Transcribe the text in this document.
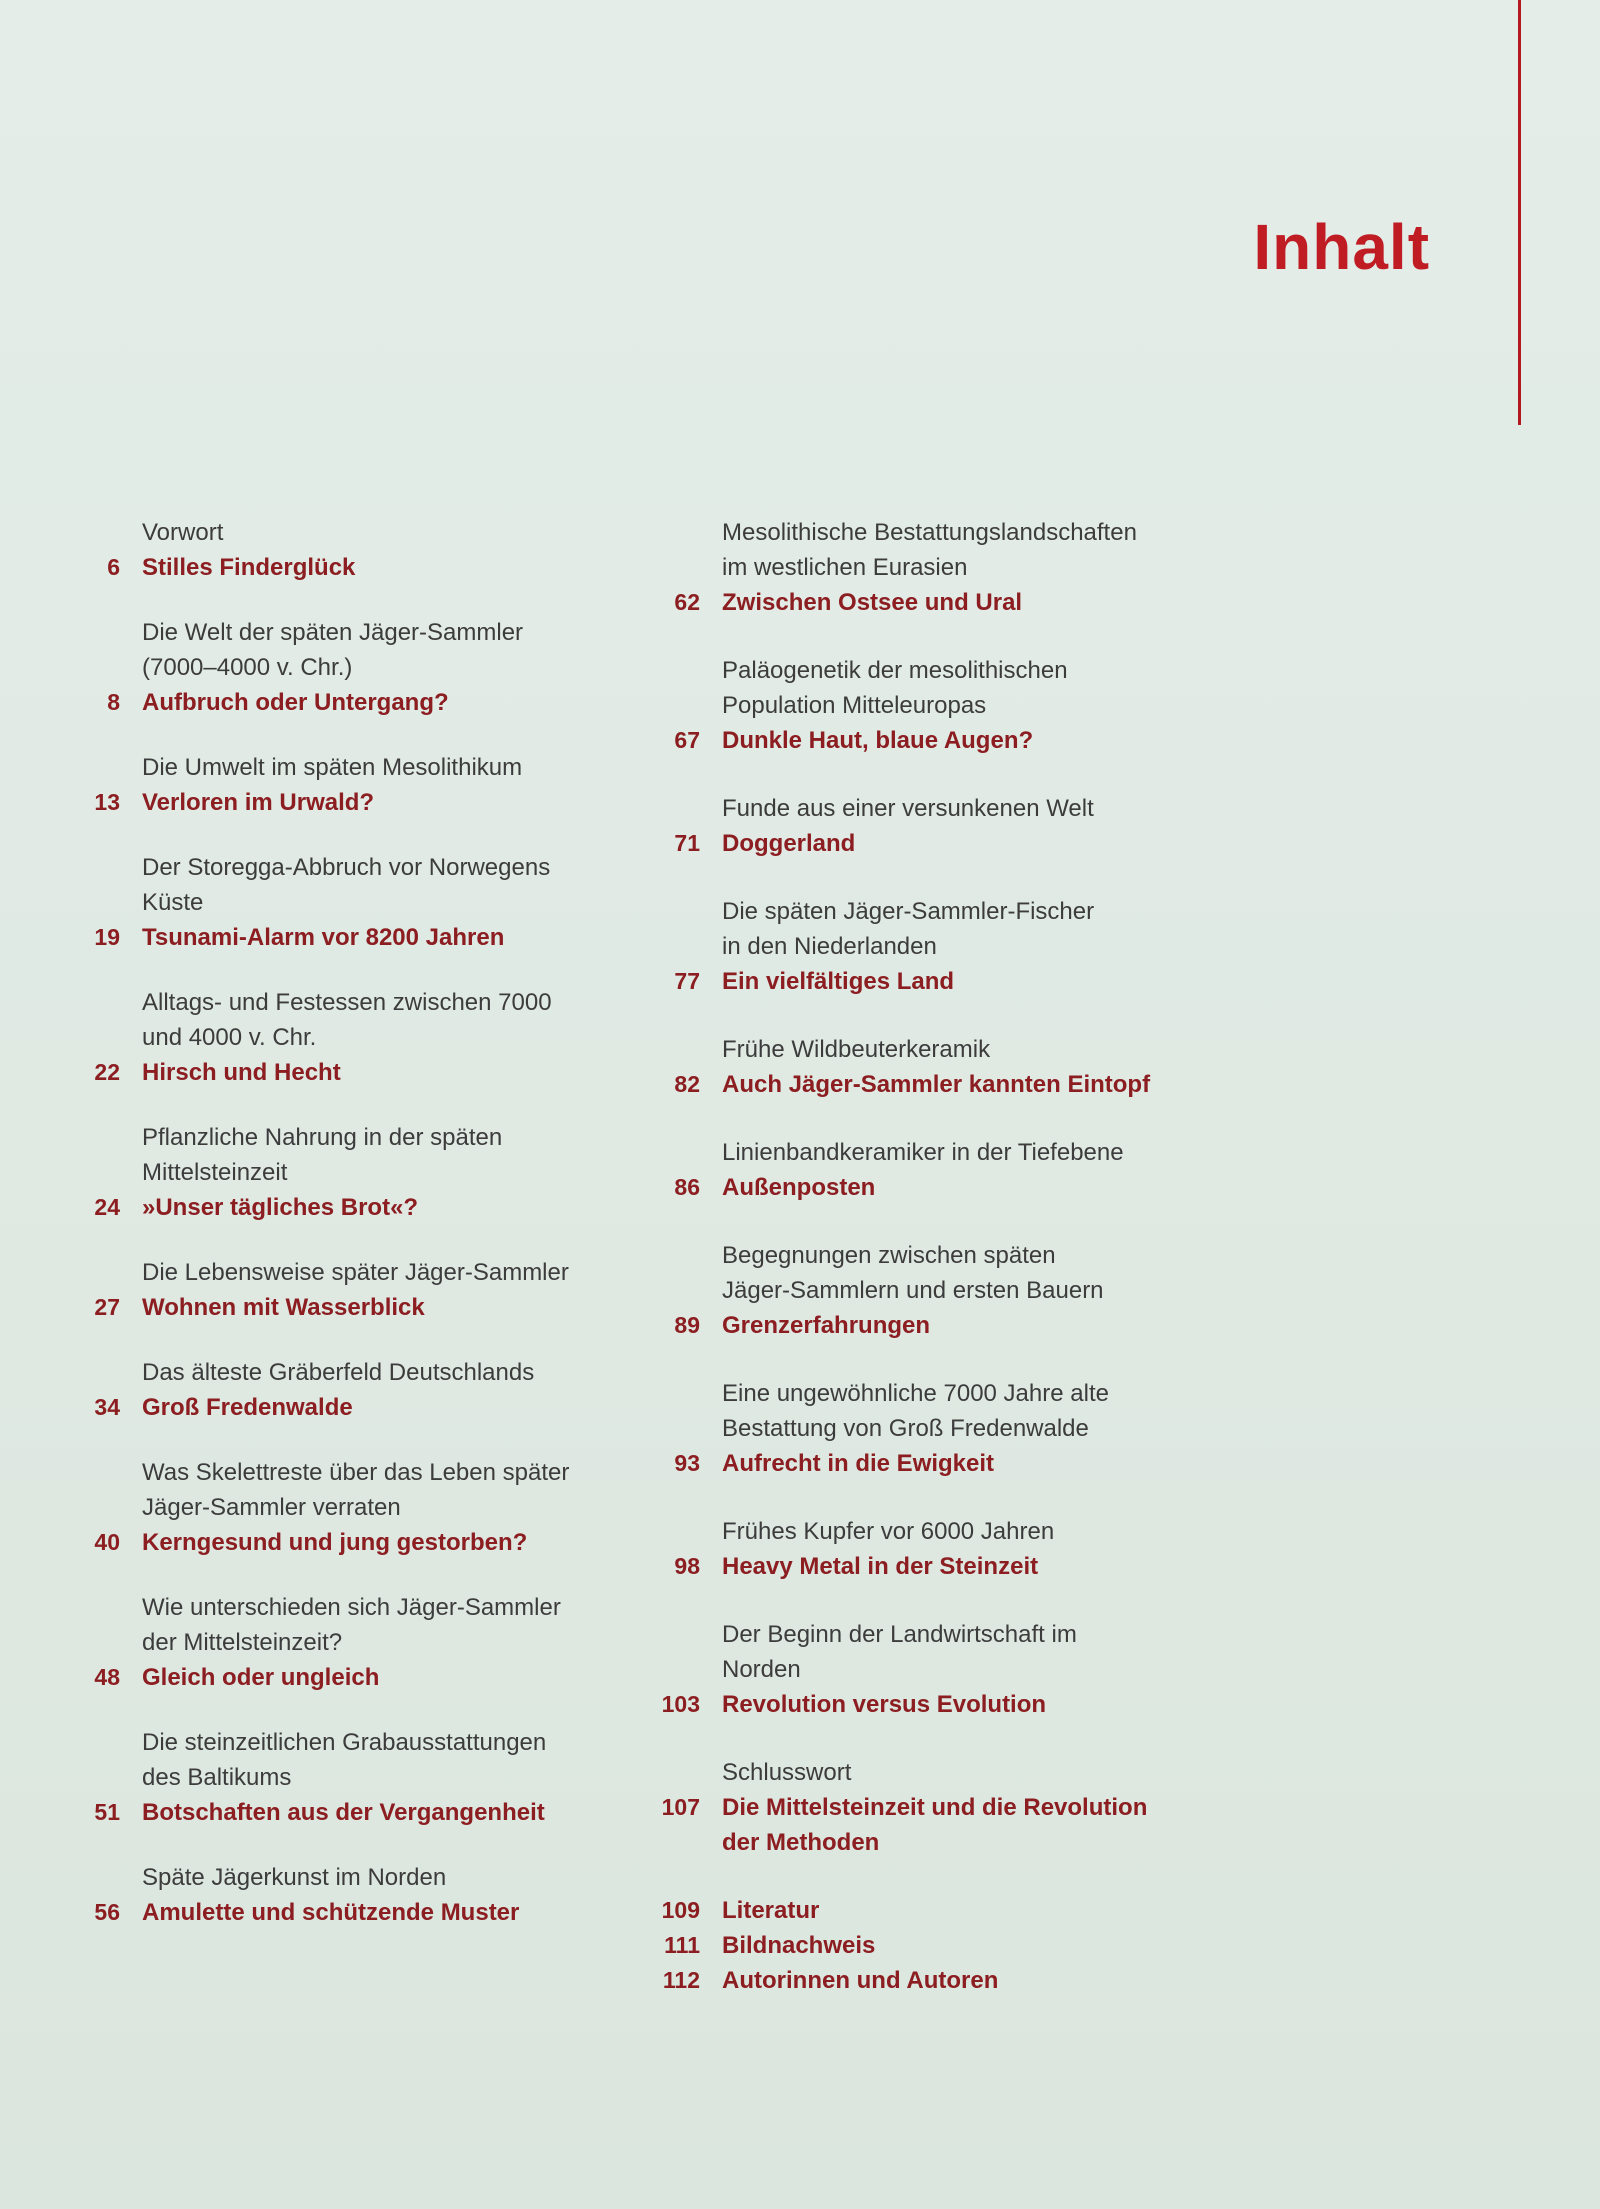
Inhalt
Vorwort
6 Stilles Finderglück
Die Welt der späten Jäger-Sammler
(7000–4000 v. Chr.)
8 Aufbruch oder Untergang?
Die Umwelt im späten Mesolithikum
13 Verloren im Urwald?
Der Storegga-Abbruch vor Norwegens
Küste
19 Tsunami-Alarm vor 8200 Jahren
Alltags- und Festessen zwischen 7000
und 4000 v. Chr.
22 Hirsch und Hecht
Pflanzliche Nahrung in der späten
Mittelsteinzeit
24 »Unser tägliches Brot«?
Die Lebensweise später Jäger-Sammler
27 Wohnen mit Wasserblick
Das älteste Gräberfeld Deutschlands
34 Groß Fredenwalde
Was Skelettreste über das Leben später
Jäger-Sammler verraten
40 Kerngesund und jung gestorben?
Wie unterschieden sich Jäger-Sammler
der Mittelsteinzeit?
48 Gleich oder ungleich
Die steinzeitlichen Grabausstattungen
des Baltikums
51 Botschaften aus der Vergangenheit
Späte Jägerkunst im Norden
56 Amulette und schützende Muster
Mesolithische Bestattungslandschaften
im westlichen Eurasien
62 Zwischen Ostsee und Ural
Paläogenetik der mesolithischen
Population Mitteleuropas
67 Dunkle Haut, blaue Augen?
Funde aus einer versunkenen Welt
71 Doggerland
Die späten Jäger-Sammler-Fischer
in den Niederlanden
77 Ein vielfältiges Land
Frühe Wildbeuterkeramik
82 Auch Jäger-Sammler kannten Eintopf
Linienbandkeramiker in der Tiefebene
86 Außenposten
Begegnungen zwischen späten
Jäger-Sammlern und ersten Bauern
89 Grenzerfahrungen
Eine ungewöhnliche 7000 Jahre alte
Bestattung von Groß Fredenwalde
93 Aufrecht in die Ewigkeit
Frühes Kupfer vor 6000 Jahren
98 Heavy Metal in der Steinzeit
Der Beginn der Landwirtschaft im
Norden
103 Revolution versus Evolution
Schlusswort
107 Die Mittelsteinzeit und die Revolution
der Methoden
109 Literatur
111 Bildnachweis
112 Autorinnen und Autoren
